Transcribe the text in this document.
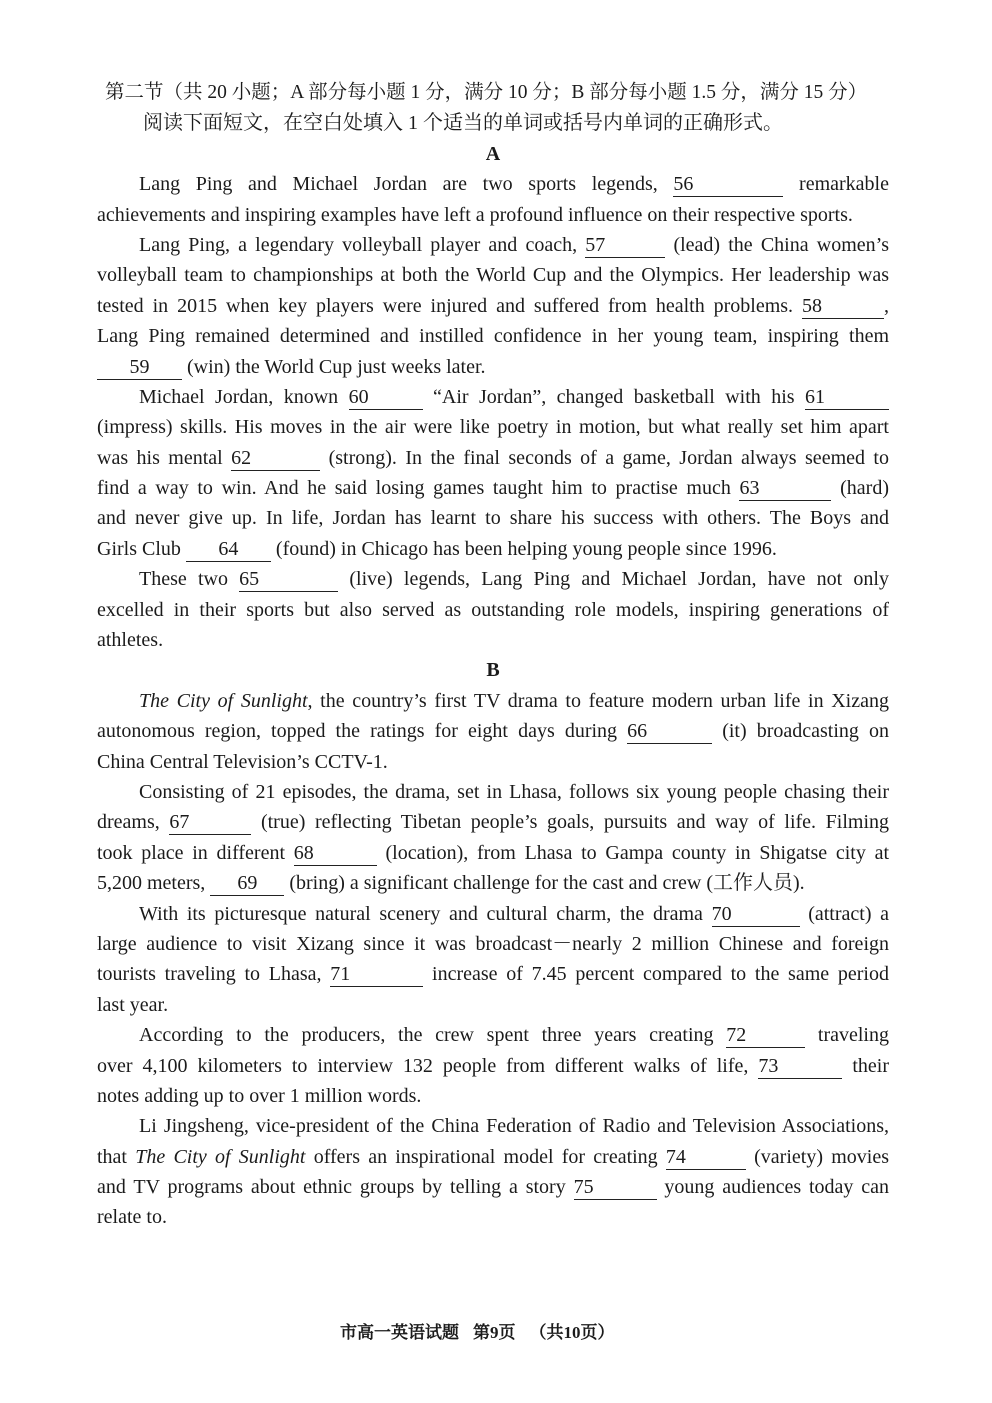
第二节（共 20 小题；A 部分每小题 1 分，满分 10 分；B 部分每小题 1.5 分，满分 15 分）
阅读下面短文，在空白处填入 1 个适当的单词或括号内单词的正确形式。
A
Lang Ping and Michael Jordan are two sports legends, 56	remarkable
achievements and inspiring examples have left a profound influence on their respective sports.
Lang Ping, a legendary volleyball player and coach, 57	(lead) the China women’s
volleyball team to championships at both the World Cup and the Olympics. Her leadership was
tested in 2015 when key players were injured and suffered from health problems. 58	,
Lang Ping remained determined and instilled confidence in her young team, inspiring them
59 (win) the World Cup just weeks later.
Michael Jordan, known 60	“Air Jordan”, changed basketball with his 61
(impress) skills. His moves in the air were like poetry in motion, but what really set him apart
was his mental 62	(strong). In the final seconds of a game, Jordan always seemed to
find a way to win. And he said losing games taught him to practise much 63	(hard)
and never give up. In life, Jordan has learnt to share his success with others. The Boys and
Girls Club 64 (found) in Chicago has been helping young people since 1996.
These two 65	(live) legends, Lang Ping and Michael Jordan, have not only
excelled in their sports but also served as outstanding role models, inspiring generations of
athletes.
B
The City of Sunlight, the country’s first TV drama to feature modern urban life in Xizang
autonomous region, topped the ratings for eight days during 66	(it) broadcasting on
China Central Television’s CCTV-1.
Consisting of 21 episodes, the drama, set in Lhasa, follows six young people chasing their
dreams, 67	(true) reflecting Tibetan people’s goals, pursuits and way of life. Filming
took place in different 68	(location), from Lhasa to Gampa county in Shigatse city at
5,200 meters, 69 (bring) a significant challenge for the cast and crew (工作人员).
With its picturesque natural scenery and cultural charm, the drama 70	(attract) a
large audience to visit Xizang since it was broadcast－nearly 2 million Chinese and foreign
tourists traveling to Lhasa, 71	increase of 7.45 percent compared to the same period
last year.
According to the producers, the crew spent three years creating 72	traveling
over 4,100 kilometers to interview 132 people from different walks of life, 73	their
notes adding up to over 1 million words.
Li Jingsheng, vice-president of the China Federation of Radio and Television Associations,
that The City of Sunlight offers an inspirational model for creating 74	(variety) movies
and TV programs about ethnic groups by telling a story 75	young audiences today can
relate to.
市高一英语试题 第9页 （共10页）
